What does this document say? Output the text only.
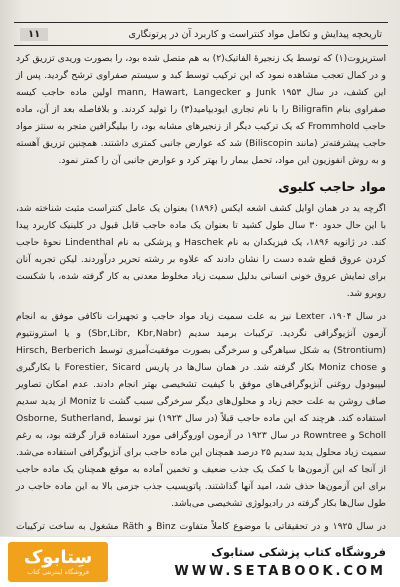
تاریخچه پیدایش و تکامل مواد کنتراست و کاربرد آن در پرتونگاری
۱۱

استریزوت(۱) که توسط یک زنجیرهٔ الفاتیک(۲) به هم متصل شده بود، را بصورت وریدی تزریق کرد و در کمال تعجب مشاهده نمود که این ترکیب توسط کبد و سیستم صفراوی ترشح گردید. پس از این کشف، در سال ۱۹۵۳ Junk و mann, Hawart, Langecker اولین ماده حاجب کیسه صفراوی بنام Biligrafin را با نام تجاری ایودیپامید(۳) را تولید کردند. و بلافاصله بعد از آن، ماده حاجب Frommhold که یک ترکیب دیگر از زنجیرهای مشابه بود، را بیلیگرافین متجر به سنتز مواد حاجب پیشرفته‌تر (مانند Biliscopin) شد که عوارض جانبی کمتری داشتند. همچنین تزریق آهسته و به روش انفوزیون این مواد، تحمل بیمار را بهتر کرد و عوارض جانبی آن را کمتر نمود.

مواد حاجب کلیوی

اگرچه ید در همان اوایل کشف اشعه ایکس (۱۸۹۶) بعنوان یک عامل کنتراست مثبت شناخته شد، با این حال حدود ۳۰ سال طول کشید تا بعنوان یک ماده حاجب قابل قبول در کلینیک کاربرد پیدا کند. در ژانویه ۱۸۹۶، یک فیزیکدان به نام Haschek و پزشکی به نام Lindenthal نحوهٔ حاجب کردن عروق قطع شده دست را نشان دادند که علاوه بر رشته تحریر درآوردند. لیکن تجربه آنان برای تمایش عروق خونی انسانی بدلیل سمیت زیاد مخلوط معدنی به کار گرفته شده، با شکست روبرو شد.

در سال ۱۹۰۴، Lexter نیز به علت سمیت زیاد مواد حاجب و تجهیزات ناکافی موفق به انجام آزمون آنژیوگرافی نگردید. ترکیبات برمید سدیم (Sbr,Libr, Kbr,Nabr) و یا استرونتیوم (Strontium) به شکل سیاهرگی و سرخرگی بصورت موفقیت‌آمیزی توسط Hirsch, Berberich و Moniz chose بکار گرفته شد. در همان سال‌ها در پاریس Forestier, Sicard با بکارگیری لیپیودول روغنی آنژیوگرافی‌های موفق با کیفیت تشخیصی بهتر انجام دادند. عدم امکان تصاویر صاف روشن به علت حجم زیاد و محلول‌های دیگر سرخرگی سبب گشت تا Moniz از یدید سدیم استفاده کند. هرچند که این ماده حاجب قبلاً (در سال ۱۹۲۳) نیز توسط Osborne, Sutherland, Scholl و Rowntree در سال ۱۹۲۳ در آزمون اوروگرافی مورد استفاده قرار گرفته بود، به رغم سمیت زیاد محلول یدید سدیم ۲۵ درصد همچنان این ماده حاجب برای آنژیوگرافی استفاده می‌شد. از آنجا که این آزمون‌ها با کمک یک جذب ضعیف و تخمین آماده به موقع همچنان یک ماده حاجب برای این آزمون‌ها حذف شد، امید آنها گذاشتند. پاتوپسیب جذب جزمی بالا به این ماده حاجب در طول سال‌ها بکار گرفته در رادیولوژی تشخیصی می‌باشد.

در سال ۱۹۲۵ و در تحقیقاتی با موضوع کاملاً متفاوت Binz و Räth مشغول به ساخت ترکیبات

سِتابوک
فروشگاه اینترنتی کتاب
فروشگاه کتاب پزشکی ستابوک
WWW.SETABOOK.COM
